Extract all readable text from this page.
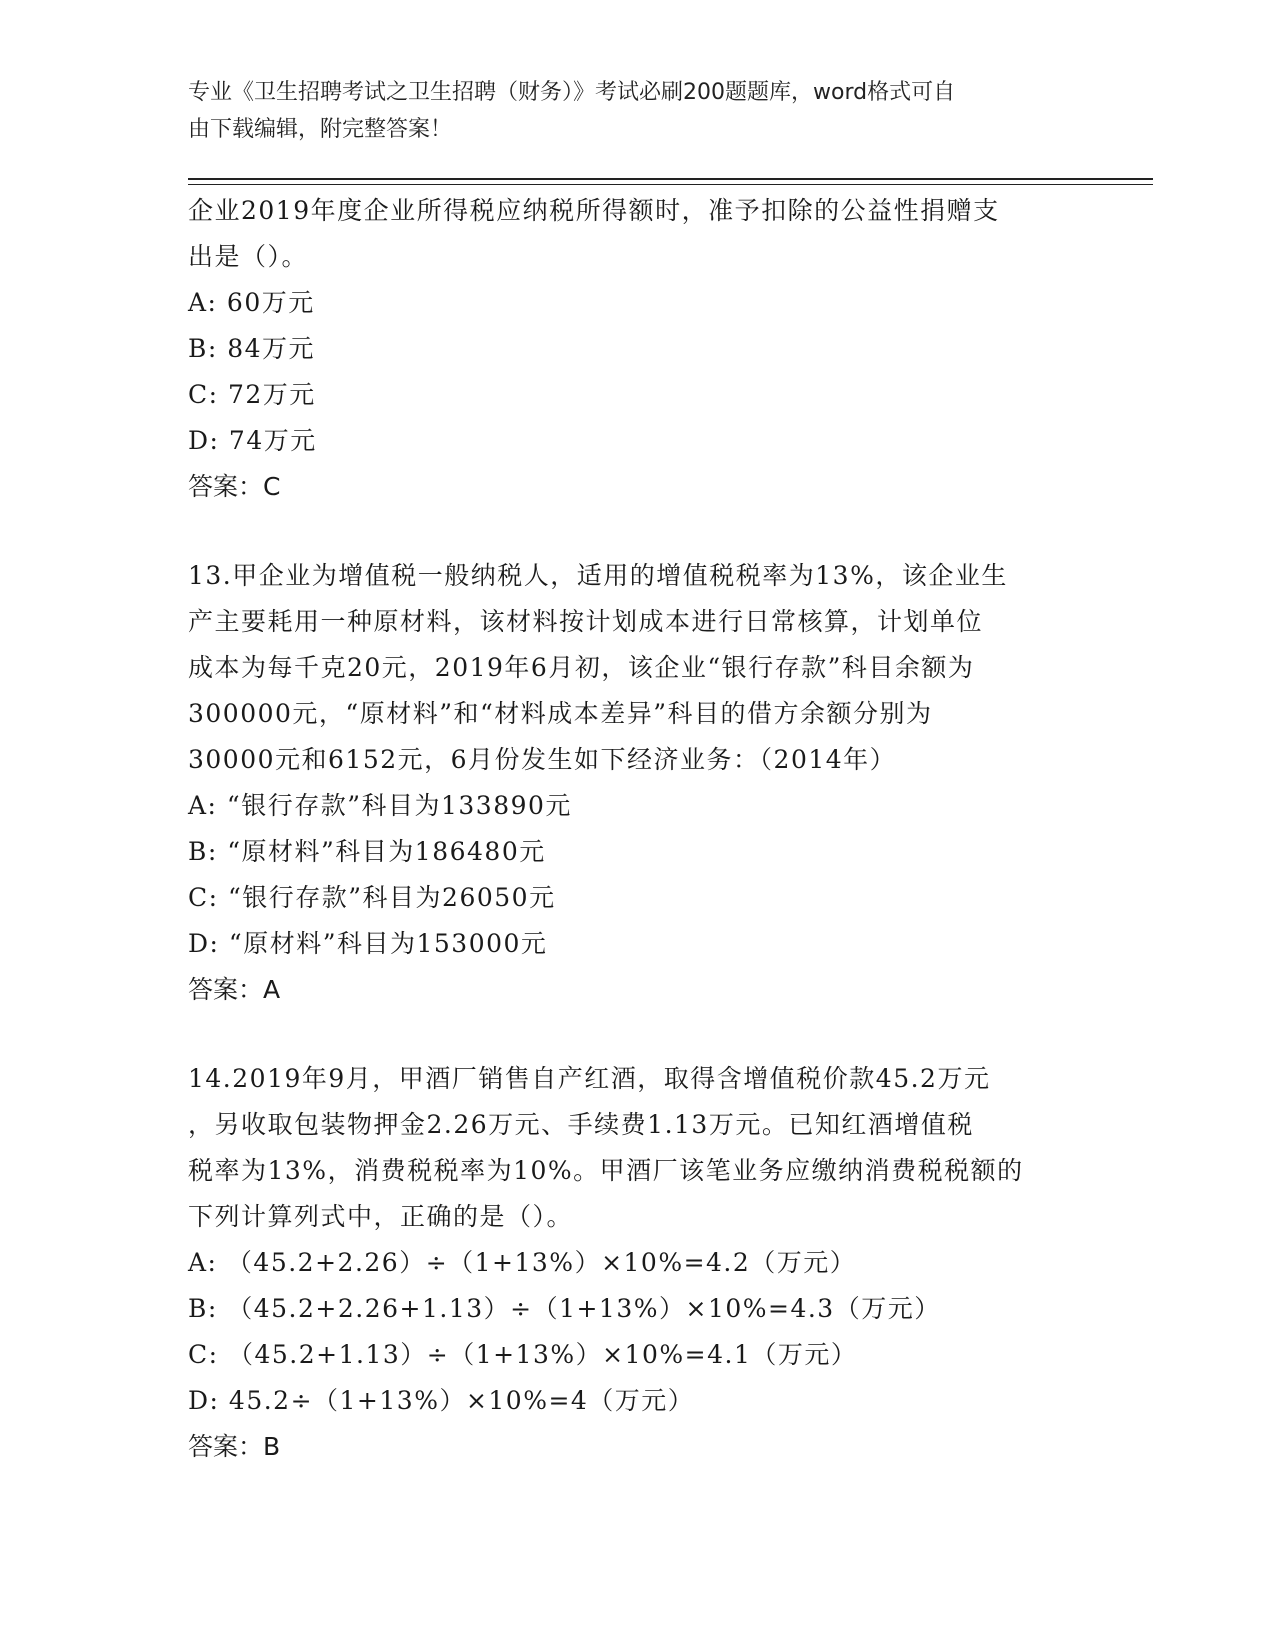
专业《卫生招聘考试之卫生招聘（财务）》考试必刷200题题库，word格式可自
由下载编辑，附完整答案！

企业2019年度企业所得税应纳税所得额时，准予扣除的公益性捐赠支

出是（）。

A: 60万元

B: 84万元

C: 72万元

D: 74万元

答案：C

13.甲企业为增值税一般纳税人，适用的增值税税率为13%，该企业生

产主要耗用一种原材料，该材料按计划成本进行日常核算，计划单位

成本为每千克20元，2019年6月初，该企业“银行存款”科目余额为

300000元，“原材料”和“材料成本差异”科目的借方余额分别为

30000元和6152元，6月份发生如下经济业务：（2014年）

A: “银行存款”科目为133890元

B: “原材料”科目为186480元

C: “银行存款”科目为26050元

D: “原材料”科目为153000元

答案：A

14.2019年9月，甲酒厂销售自产红酒，取得含增值税价款45.2万元

，另收取包装物押金2.26万元、手续费1.13万元。已知红酒增值税

税率为13%，消费税税率为10%。甲酒厂该笔业务应缴纳消费税税额的

下列计算列式中，正确的是（）。

A: （45.2+2.26）÷（1+13%）×10%=4.2（万元）

B: （45.2+2.26+1.13）÷（1+13%）×10%=4.3（万元）

C: （45.2+1.13）÷（1+13%）×10%=4.1（万元）

D: 45.2÷（1+13%）×10%=4（万元）

答案：B
